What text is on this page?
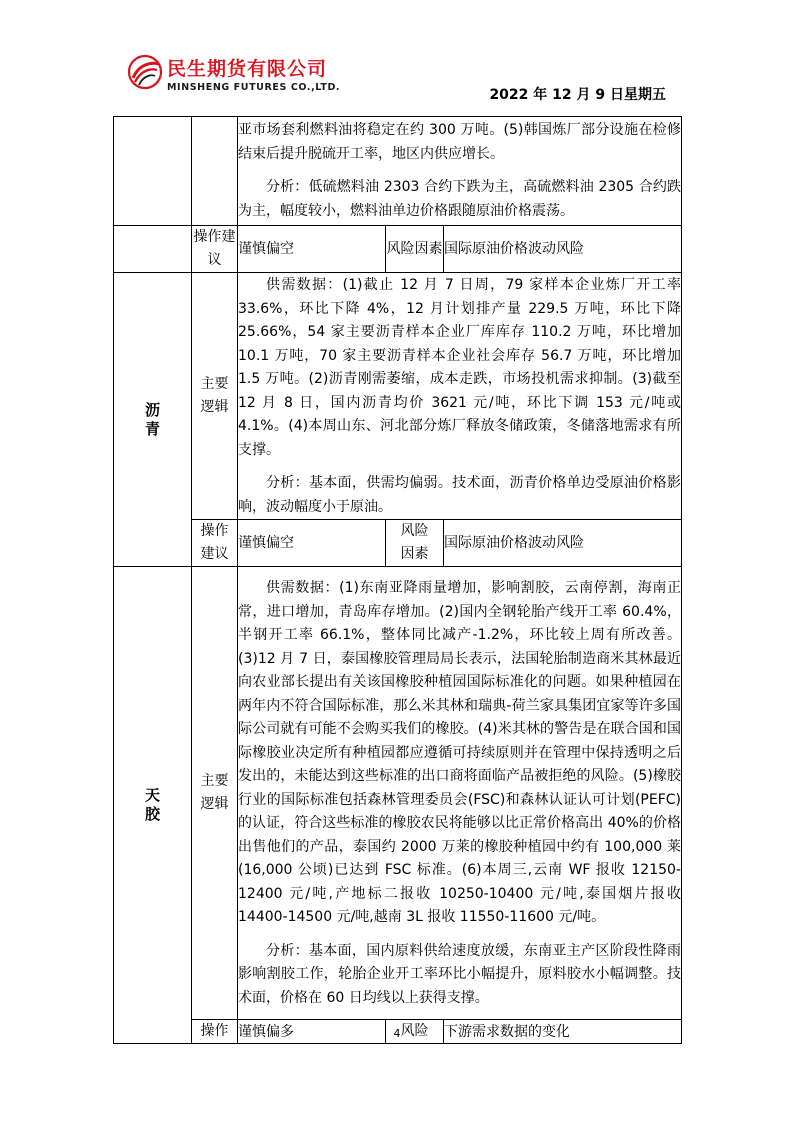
民生期货有限公司
MINSHENG FUTURES CO.,LTD.	2022 年 12 月 9 日星期五

		亚市场套利燃料油将稳定在约 300 万吨。(5)韩国炼厂部分设施在检修结束后提升脱硫开工率，地区内供应增长。

分析：低硫燃料油 2303 合约下跌为主，高硫燃料油 2305 合约跌为主，幅度较小，燃料油单边价格跟随原油价格震荡。		

	操作建议	谨慎偏空	风险因素	国际原油价格波动风险
沥青	主要逻辑	供需数据：(1)截止 12 月 7 日周，79 家样本企业炼厂开工率 33.6%，环比下降 4%，12 月计划排产量 229.5 万吨，环比下降 25.66%，54 家主要沥青样本企业厂库库存 110.2 万吨，环比增加 10.1 万吨，70 家主要沥青样本企业社会库存 56.7 万吨，环比增加 1.5 万吨。(2)沥青刚需萎缩，成本走跌，市场投机需求抑制。(3)截至 12 月 8 日，国内沥青均价 3621 元/吨，环比下调 153 元/吨或 4.1%。(4)本周山东、河北部分炼厂释放冬储政策，冬储落地需求有所支撑。

分析：基本面，供需均偏弱。技术面，沥青价格单边受原油价格影响，波动幅度小于原油。		

	操作建议	谨慎偏空	风险因素	国际原油价格波动风险
天胶	主要逻辑	供需数据：(1)东南亚降雨量增加，影响割胶，云南停割，海南正常，进口增加，青岛库存增加。(2)国内全钢轮胎产线开工率 60.4%，半钢开工率 66.1%，整体同比减产-1.2%，环比较上周有所改善。(3)12 月 7 日，泰国橡胶管理局局长表示，法国轮胎制造商米其林最近向农业部长提出有关该国橡胶种植园国际标准化的问题。如果种植园在两年内不符合国际标准，那么米其林和瑞典-荷兰家具集团宜家等许多国际公司就有可能不会购买我们的橡胶。(4)米其林的警告是在联合国和国际橡胶业决定所有种植园都应遵循可持续原则并在管理中保持透明之后发出的，未能达到这些标准的出口商将面临产品被拒绝的风险。(5)橡胶行业的国际标准包括森林管理委员会(FSC)和森林认证认可计划(PEFC)的认证，符合这些标准的橡胶农民将能够以比正常价格高出 40%的价格出售他们的产品，泰国约 2000 万莱的橡胶种植园中约有 100,000 莱(16,000 公顷)已达到 FSC 标准。(6)本周三,云南 WF 报收 12150-12400 元/吨,产地标二报收 10250-10400 元/吨,泰国烟片报收 14400-14500 元/吨,越南 3L 报收 11550-11600 元/吨。

分析：基本面，国内原料供给速度放缓，东南亚主产区阶段性降雨影响割胶工作，轮胎企业开工率环比小幅提升，原料胶水小幅调整。技术面，价格在 60 日均线以上获得支撑。		

	操作	谨慎偏多	风险	下游需求数据的变化
4
